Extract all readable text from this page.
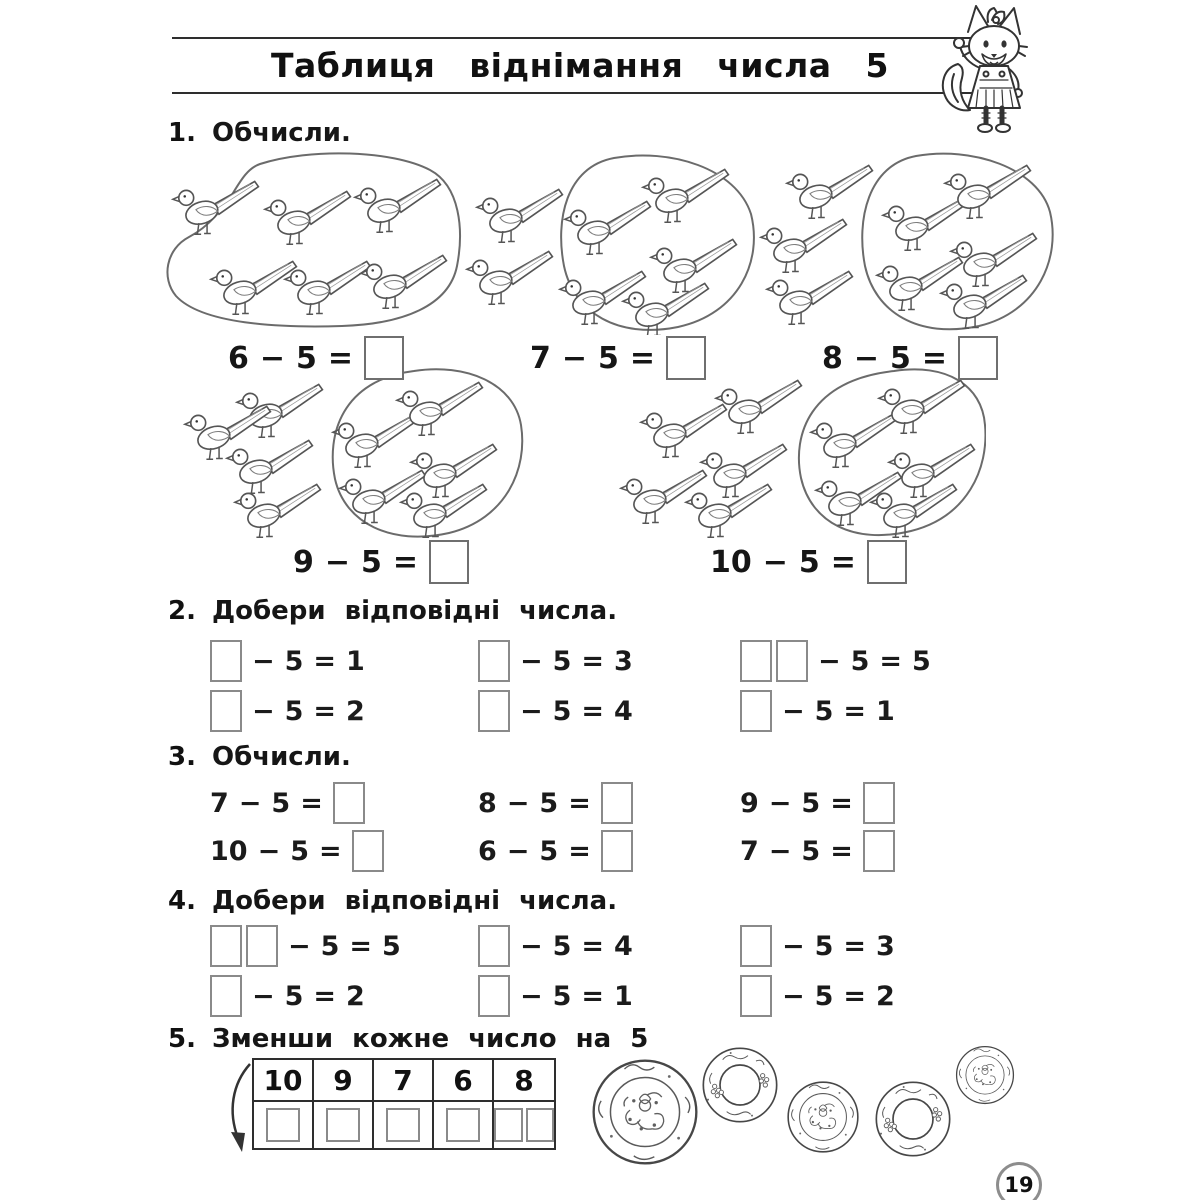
Таблиця віднімання числа 5
1. Обчисли.
6 − 5 =	7 − 5 =	8 − 5 =
9 − 5 =	10 − 5 =
2. Добери відповідні числа.
− 5 = 1	− 5 = 3	− 5 = 5
− 5 = 2	− 5 = 4	− 5 = 1
3. Обчисли.
7 − 5 =	8 − 5 =	9 − 5 =
10 − 5 =	6 − 5 =	7 − 5 =
4. Добери відповідні числа.
− 5 = 5	− 5 = 4	− 5 = 3
− 5 = 2	− 5 = 1	− 5 = 2
5. Зменши кожне число на 5
10	9	7	6	8
19
